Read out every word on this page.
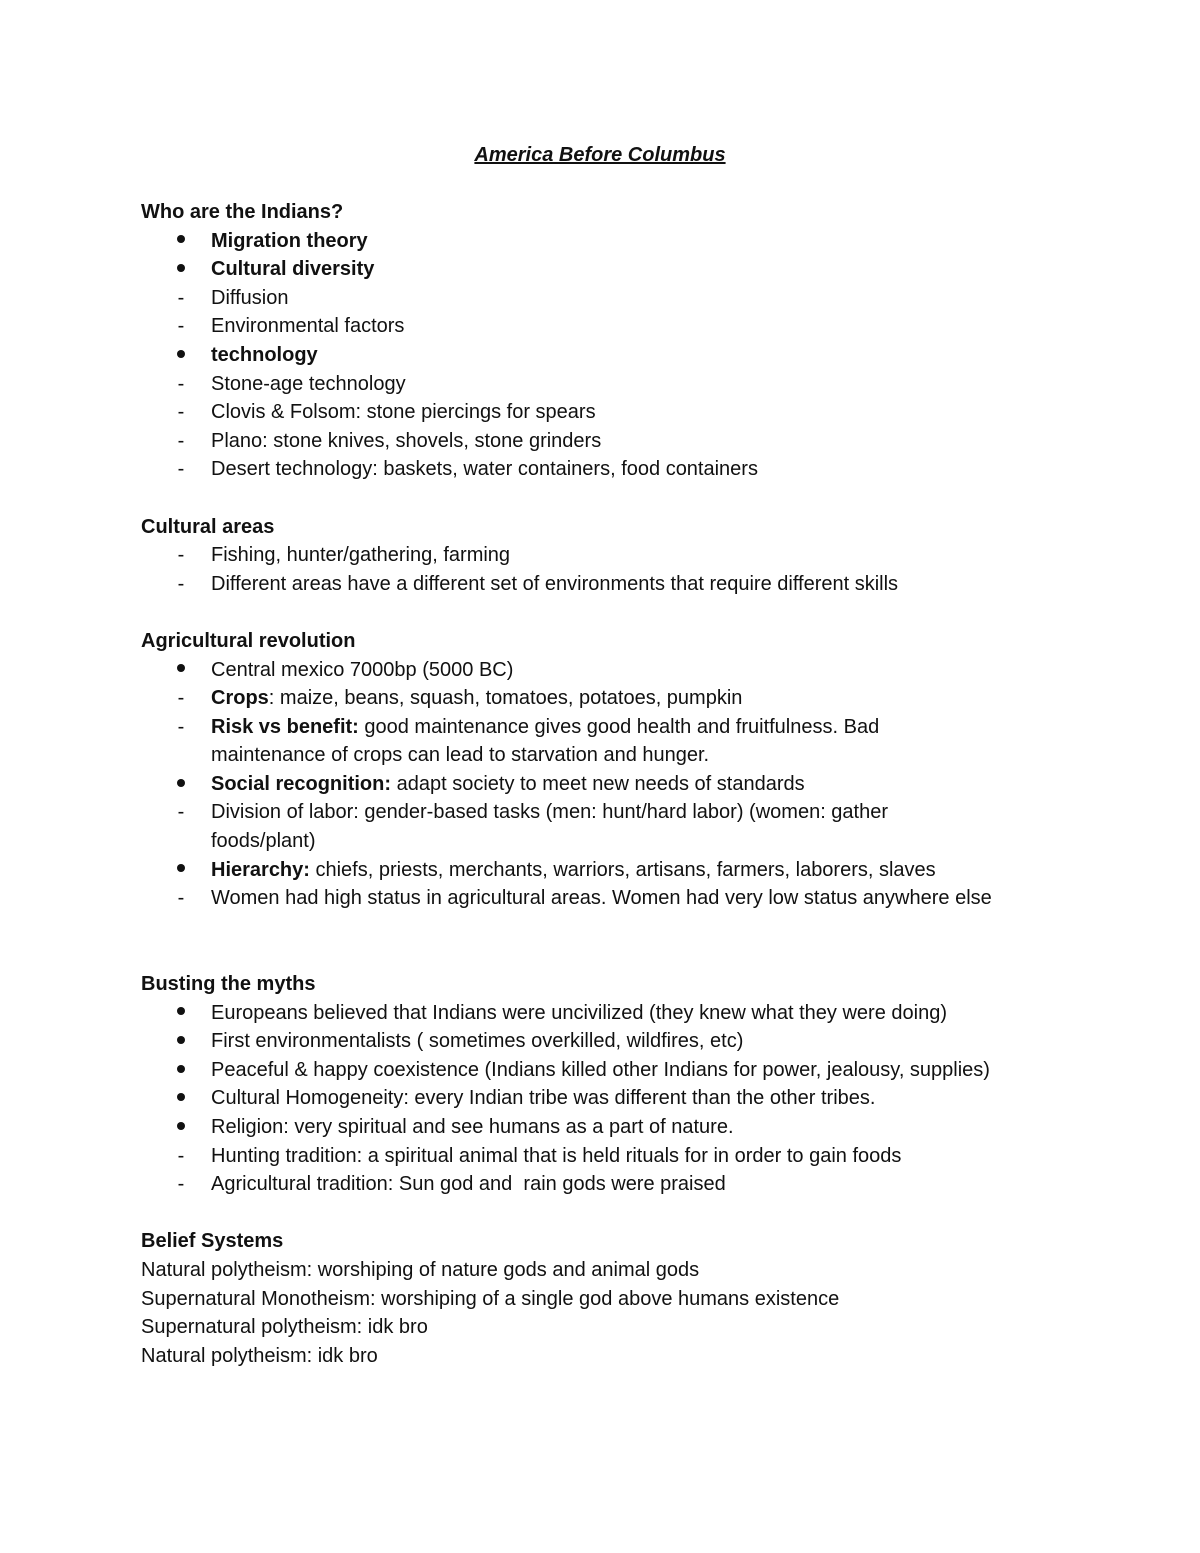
America Before Columbus
Who are the Indians?
Migration theory
Cultural diversity
- Diffusion
- Environmental factors
technology
- Stone-age technology
- Clovis & Folsom: stone piercings for spears
- Plano: stone knives, shovels, stone grinders
- Desert technology: baskets, water containers, food containers
Cultural areas
- Fishing, hunter/gathering, farming
- Different areas have a different set of environments that require different skills
Agricultural revolution
Central mexico 7000bp (5000 BC)
- Crops: maize, beans, squash, tomatoes, potatoes, pumpkin
- Risk vs benefit: good maintenance gives good health and fruitfulness. Bad
maintenance of crops can lead to starvation and hunger.
Social recognition: adapt society to meet new needs of standards
- Division of labor: gender-based tasks (men: hunt/hard labor) (women: gather
foods/plant)
Hierarchy: chiefs, priests, merchants, warriors, artisans, farmers, laborers, slaves
- Women had high status in agricultural areas. Women had very low status anywhere else
Busting the myths
Europeans believed that Indians were uncivilized (they knew what they were doing)
First environmentalists ( sometimes overkilled, wildfires, etc)
Peaceful & happy coexistence (Indians killed other Indians for power, jealousy, supplies)
Cultural Homogeneity: every Indian tribe was different than the other tribes.
Religion: very spiritual and see humans as a part of nature.
- Hunting tradition: a spiritual animal that is held rituals for in order to gain foods
- Agricultural tradition: Sun god and  rain gods were praised
Belief Systems
Natural polytheism: worshiping of nature gods and animal gods
Supernatural Monotheism: worshiping of a single god above humans existence
Supernatural polytheism: idk bro
Natural polytheism: idk bro
